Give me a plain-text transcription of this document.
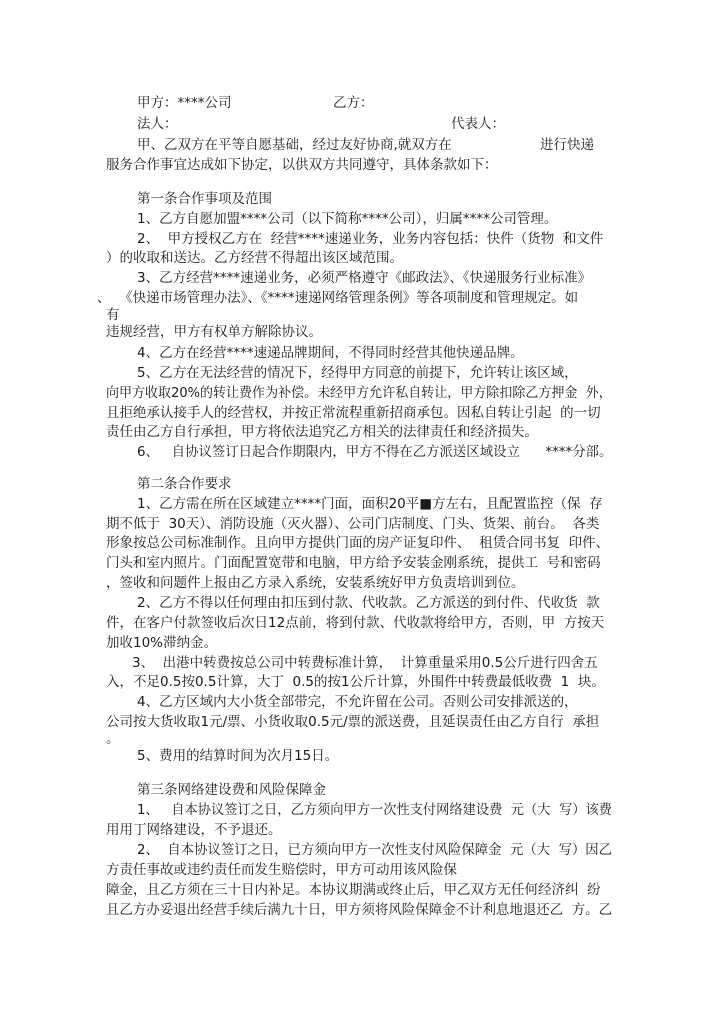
甲方：****公司	乙方：
法人：	代表人：
甲、乙双方在平等自愿基础，经过友好协商,就双方在	进行快递
服务合作事宜达成如下协定，以供双方共同遵守，具体条款如下：
第一条合作事项及范围
1、乙方自愿加盟****公司（以下简称****公司），归属****公司管理。
2、  甲方授权乙方在  经营****速递业务，业务内容包括：快件（货物  和文件
）的收取和送达。乙方经营不得超出该区域范围。
3、乙方经营****速递业务，必须严格遵守《邮政法》、《快递服务行业标准》
、  《快递市场管理办法》、《****速递网络管理条例》等各项制度和管理规定。如
有
违规经营，甲方有权单方解除协议。
4、乙方在经营****速递品牌期间，不得同时经营其他快递品牌。
5、乙方在无法经营的情况下，经得甲方同意的前提下，允许转让该区域，
向甲方收取20%的转让费作为补偿。未经甲方允许私自转让，甲方除扣除乙方押金  外，
且拒绝承认接手人的经营权，并按正常流程重新招商承包。因私自转让引起  的一切
责任由乙方自行承担，甲方将依法追究乙方相关的法律责任和经济损失。
6、   自协议签订日起合作期限内，甲方不得在乙方派送区域设立      ****分部。
第二条合作要求
1、乙方需在所在区域建立****门面，面积20平■方左右，且配置监控（保  存
期不低于  30天）、消防设施（灭火器）、公司门店制度、门头、货架、前台。  各类
形象按总公司标准制作。且向甲方提供门面的房产证复印件、  租赁合同书复  印件、
门头和室内照片。门面配置宽带和电脑，甲方给予安装金刚系统，提供工  号和密码
，签收和问题件上报由乙方录入系统，安装系统好甲方负责培训到位。
2、乙方不得以任何理由扣压到付款、代收款。乙方派送的到付件、代收货  款
件，在客户付款签收后次日12点前，将到付款、代收款将给甲方，否则，甲  方按天
加收10%滞纳金。
3、  出港中转费按总公司中转费标准计算，  计算重量采用0.5公斤进行四舍五
入，不足0.5按0.5计算，大丁  0.5的按1公斤计算，外围件中转费最低收费  1  块。
4、乙方区域内大小货全部带完，不允许留在公司。否则公司安排派送的，
公司按大货收取1元/票、小货收取0.5元/票的派送费，且延误责任由乙方自行  承担
。
5、费用的结算时间为次月15日。
第三条网络建设费和风险保障金
1、   自本协议签订之日，乙方须向甲方一次性支付网络建设费  元（大  写）该费
用用丁网络建设，不予退还。
2、  自本协议签订之日，已方须向甲方一次性支付风险保障金  元（大  写）因乙
方责任事故或违约责任而发生赔偿时，甲方可动用该风险保
障金，且乙方须在三十日内补足。本协议期满或终止后，甲乙双方无任何经济纠  纷
且乙方办妥退出经营手续后满九十日，甲方须将风险保障金不计利息地退还乙  方。乙
